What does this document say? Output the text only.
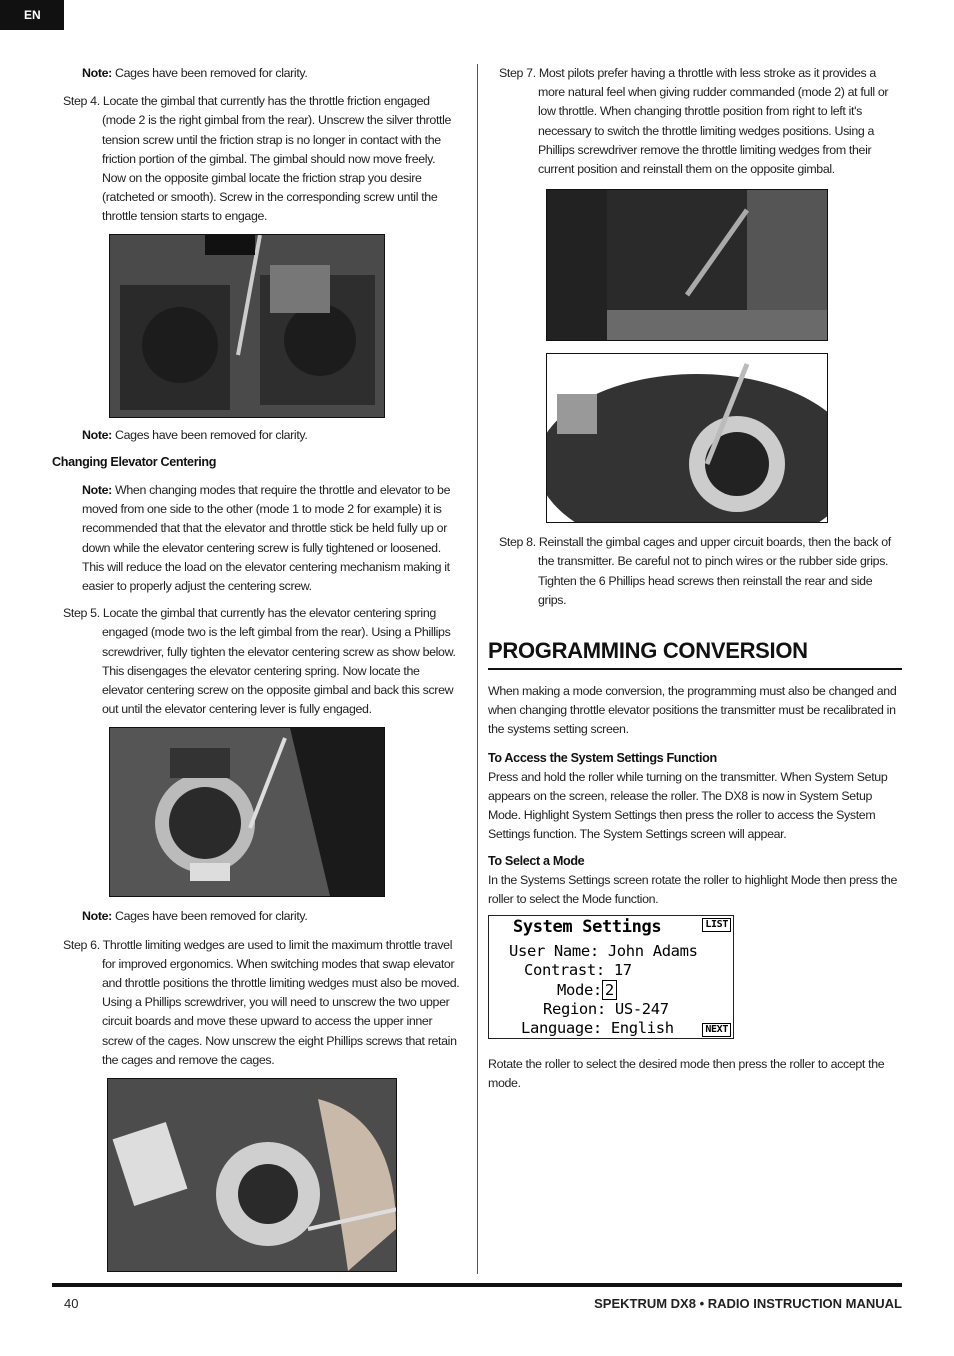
EN

Note: Cages have been removed for clarity.

Step 4. Locate the gimbal that currently has the throttle friction engaged (mode 2 is the right gimbal from the rear). Unscrew the silver throttle tension screw until the friction strap is no longer in contact with the friction portion of the gimbal. The gimbal should now move freely. Now on the opposite gimbal locate the friction strap you desire (ratcheted or smooth). Screw in the corresponding screw until the throttle tension starts to engage.

Note: Cages have been removed for clarity.

Changing Elevator Centering

Note: When changing modes that require the throttle and elevator to be moved from one side to the other (mode 1 to mode 2 for example) it is recommended that that the elevator and throttle stick be held fully up or down while the elevator centering screw is fully tightened or loosened. This will reduce the load on the elevator centering mechanism making it easier to properly adjust the centering screw.

Step 5. Locate the gimbal that currently has the elevator centering spring engaged (mode two is the left gimbal from the rear). Using a Phillips screwdriver, fully tighten the elevator centering screw as show below. This disengages the elevator centering spring. Now locate the elevator centering screw on the opposite gimbal and back this screw out until the elevator centering lever is fully engaged.

Note: Cages have been removed for clarity.

Step 6. Throttle limiting wedges are used to limit the maximum throttle travel for improved ergonomics. When switching modes that swap elevator and throttle positions the throttle limiting wedges must also be moved. Using a Phillips screwdriver, you will need to unscrew the two upper circuit boards and move these upward to access the upper inner screw of the cages. Now unscrew the eight Phillips screws that retain the cages and remove the cages.

Step 7. Most pilots prefer having a throttle with less stroke as it provides a more natural feel when giving rudder commanded (mode 2) at full or low throttle. When changing throttle position from right to left it's necessary to switch the throttle limiting wedges positions. Using a Phillips screwdriver remove the throttle limiting wedges from their current position and reinstall them on the opposite gimbal.

Step 8. Reinstall the gimbal cages and upper circuit boards, then the back of the transmitter. Be careful not to pinch wires or the rubber side grips. Tighten the 6 Phillips head screws then reinstall the rear and side grips.

PROGRAMMING CONVERSION

When making a mode conversion, the programming must also be changed and when changing throttle elevator positions the transmitter must be recalibrated in the systems setting screen.

To Access the System Settings Function

Press and hold the roller while turning on the transmitter. When System Setup appears on the screen, release the roller. The DX8 is now in System Setup Mode. Highlight System Settings then press the roller to access the System Settings function. The System Settings screen will appear.

To Select a Mode

In the Systems Settings screen rotate the roller to highlight Mode then press the roller to select the Mode function.

System Settings	LIST
User Name: John Adams
Contrast: 17
Mode: 2
Region: US-247
Language: English	NEXT

Rotate the roller to select the desired mode then press the roller to accept the mode.

40	SPEKTRUM DX8 • RADIO INSTRUCTION MANUAL
